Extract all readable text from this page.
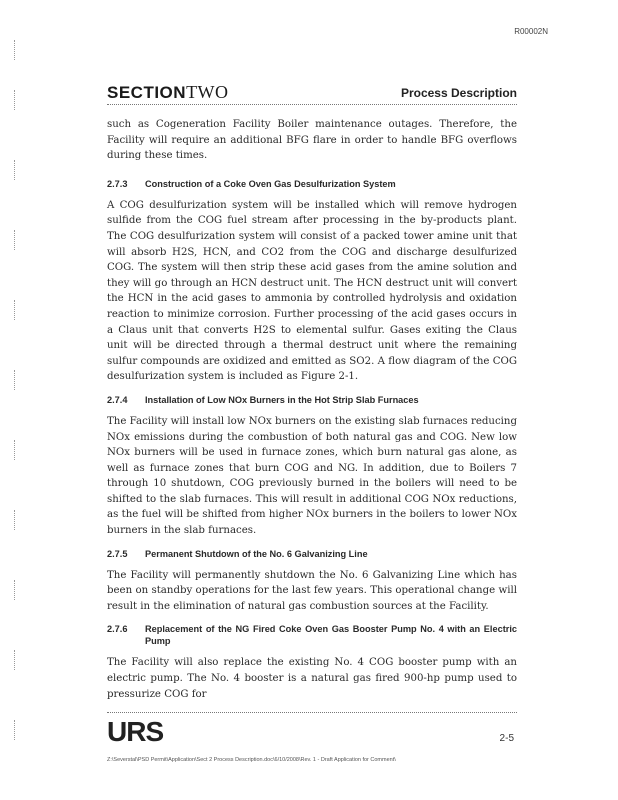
R00002N
SECTIONTWO	Process Description

such as Cogeneration Facility Boiler maintenance outages. Therefore, the Facility will require an additional BFG flare in order to handle BFG overflows during these times.

2.7.3	Construction of a Coke Oven Gas Desulfurization System

A COG desulfurization system will be installed which will remove hydrogen sulfide from the COG fuel stream after processing in the by-products plant. The COG desulfurization system will consist of a packed tower amine unit that will absorb H2S, HCN, and CO2 from the COG and discharge desulfurized COG. The system will then strip these acid gases from the amine solution and they will go through an HCN destruct unit. The HCN destruct unit will convert the HCN in the acid gases to ammonia by controlled hydrolysis and oxidation reaction to minimize corrosion. Further processing of the acid gases occurs in a Claus unit that converts H2S to elemental sulfur. Gases exiting the Claus unit will be directed through a thermal destruct unit where the remaining sulfur compounds are oxidized and emitted as SO2. A flow diagram of the COG desulfurization system is included as Figure 2-1.

2.7.4	Installation of Low NOx Burners in the Hot Strip Slab Furnaces

The Facility will install low NOx burners on the existing slab furnaces reducing NOx emissions during the combustion of both natural gas and COG. New low NOx burners will be used in furnace zones, which burn natural gas alone, as well as furnace zones that burn COG and NG. In addition, due to Boilers 7 through 10 shutdown, COG previously burned in the boilers will need to be shifted to the slab furnaces. This will result in additional COG NOx reductions, as the fuel will be shifted from higher NOx burners in the boilers to lower NOx burners in the slab furnaces.

2.7.5	Permanent Shutdown of the No. 6 Galvanizing Line

The Facility will permanently shutdown the No. 6 Galvanizing Line which has been on standby operations for the last few years. This operational change will result in the elimination of natural gas combustion sources at the Facility.

2.7.6	Replacement of the NG Fired Coke Oven Gas Booster Pump No. 4 with an Electric Pump

The Facility will also replace the existing No. 4 COG booster pump with an electric pump. The No. 4 booster is a natural gas fired 900-hp pump used to pressurize COG for

URS	2-5
Z:\Severstal\PSD Permit\Application\Sect 2 Process Description.doc\6/10/2008\Rev. 1 - Draft Application for Comment\
